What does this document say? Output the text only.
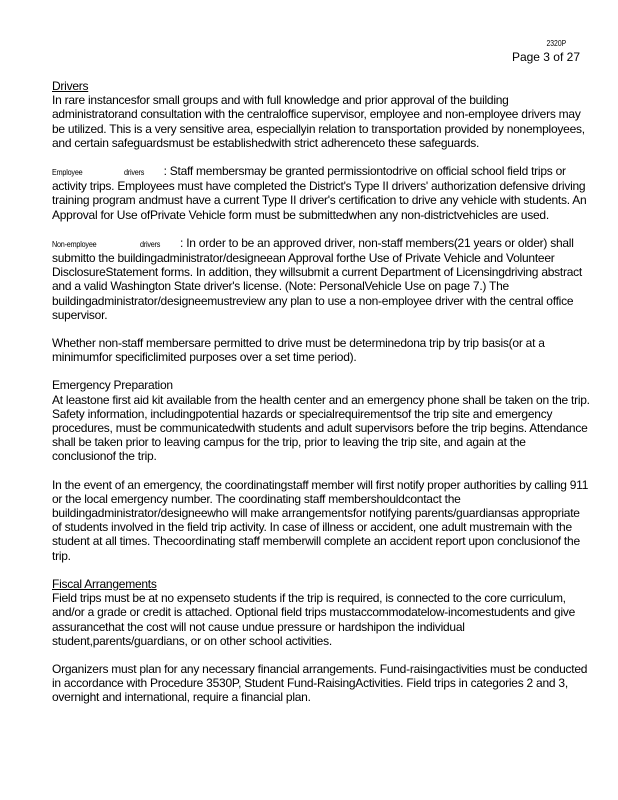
2320P
Page 3 of 27
Drivers

In rare instancesfor small groups and with full knowledge and prior approval of the building administratorand consultation with the centraloffice supervisor, employee and non-employee drivers may be utilized. This is a very sensitive area, especiallyin relation to transportation provided by nonemployees, and certain safeguardsmust be establishedwith strict adherenceto these safeguards.

Employee	drivers : Staff membersmay be granted permissiontodrive on official school field trips or activity trips. Employees must have completed the District's Type II drivers' authorization defensive driving training program andmust have a current Type II driver's certification to drive any vehicle with students. An Approval for Use ofPrivate Vehicle form must be submittedwhen any non-districtvehicles are used.

Non-employee	drivers : In order to be an approved driver, non-staff members(21 years or older) shall submitto the buildingadministrator/designeean Approval forthe Use of Private Vehicle and Volunteer DisclosureStatement forms. In addition, they willsubmit a current Department of Licensingdriving abstract and a valid Washington State driver's license. (Note: PersonalVehicle Use on page 7.) The buildingadministrator/designeemustreview any plan to use a non-employee driver with the central office supervisor.

Whether non-staff membersare permitted to drive must be determinedona trip by trip basis(or at a minimumfor specificlimited purposes over a set time period).

Emergency Preparation

At leastone first aid kit available from the health center and an emergency phone shall be taken on the trip. Safety information, includingpotential hazards or specialrequirementsof the trip site and emergency procedures, must be communicatedwith students and adult supervisors before the trip begins. Attendance shall be taken prior to leaving campus for the trip, prior to leaving the trip site, and again at the conclusionof the trip.

In the event of an emergency, the coordinatingstaff member will first notify proper authorities by calling 911 or the local emergency number. The coordinating staff membershouldcontact the buildingadministrator/designeewho will make arrangementsfor notifying parents/guardiansas appropriate of students involved in the field trip activity. In case of illness or accident, one adult mustremain with the student at all times. Thecoordinating staff memberwill complete an accident report upon conclusionof the trip.

Fiscal Arrangements

Field trips must be at no expenseto students if the trip is required, is connected to the core curriculum, and/or a grade or credit is attached. Optional field trips mustaccommodatelow-incomestudents and give assurancethat the cost will not cause undue pressure or hardshipon the individual student,parents/guardians, or on other school activities.

Organizers must plan for any necessary financial arrangements. Fund-raisingactivities must be conducted in accordance with Procedure 3530P, Student Fund-RaisingActivities. Field trips in categories 2 and 3, overnight and international, require a financial plan.
